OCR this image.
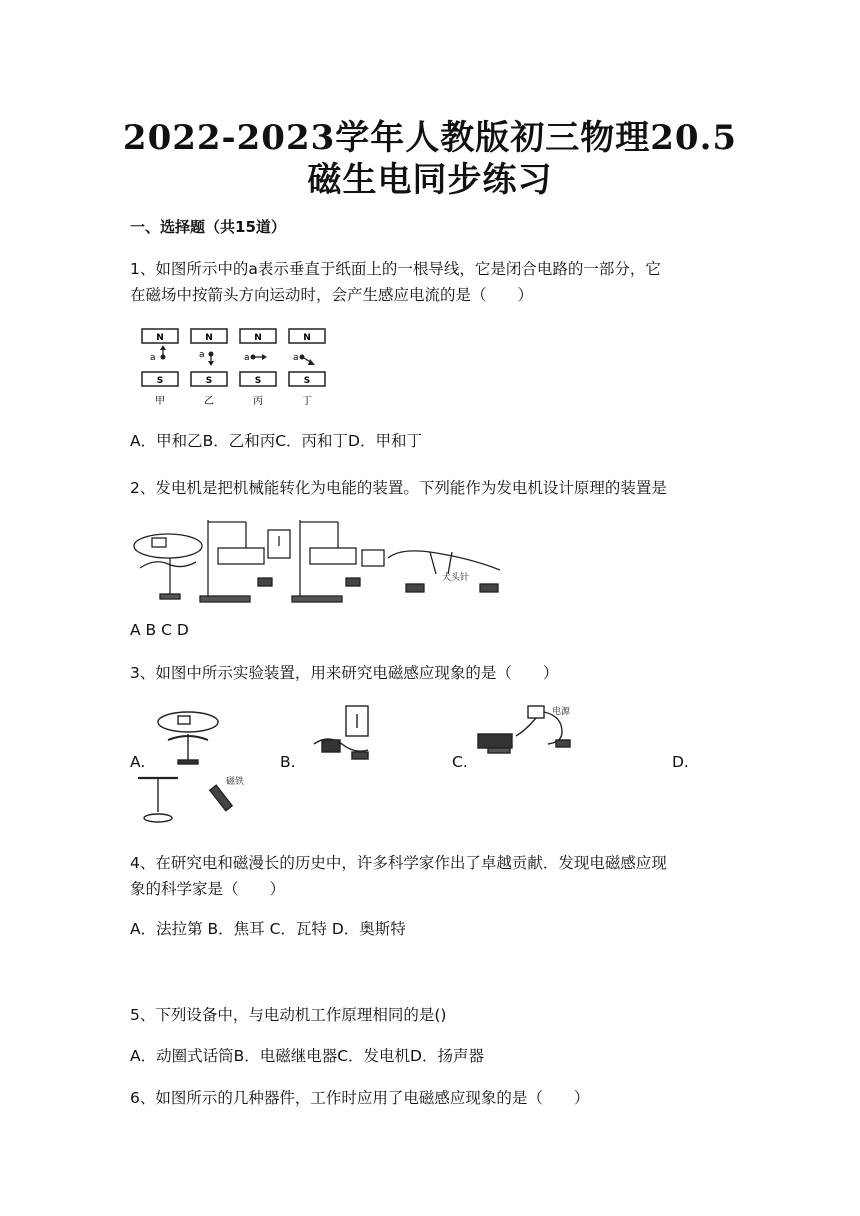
2022-2023学年人教版初三物理20.5
磁生电同步练习
一、选择题（共15道）
1、如图所示中的a表示垂直于纸面上的一根导线，它是闭合电路的一部分，它
在磁场中按箭头方向运动时，会产生感应电流的是（　　）
N
a
S
甲
N
a
S
乙
N
a
S
丙
N
a
S
丁
A．甲和乙B．乙和丙C．丙和丁D．甲和丁
2、发电机是把机械能转化为电能的装置。下列能作为发电机设计原理的装置是
大头针
A B C D
3、如图中所示实验装置，用来研究电磁感应现象的是（　　）
A.	B.	C.	D.
电源
磁铁
4、在研究电和磁漫长的历史中，许多科学家作出了卓越贡献．发现电磁感应现
象的科学家是（　　）
A．法拉第 B．焦耳 C．瓦特 D．奥斯特
5、下列设备中，与电动机工作原理相同的是()
A．动圈式话筒B．电磁继电器C．发电机D．扬声器
6、如图所示的几种器件，工作时应用了电磁感应现象的是（　　）
